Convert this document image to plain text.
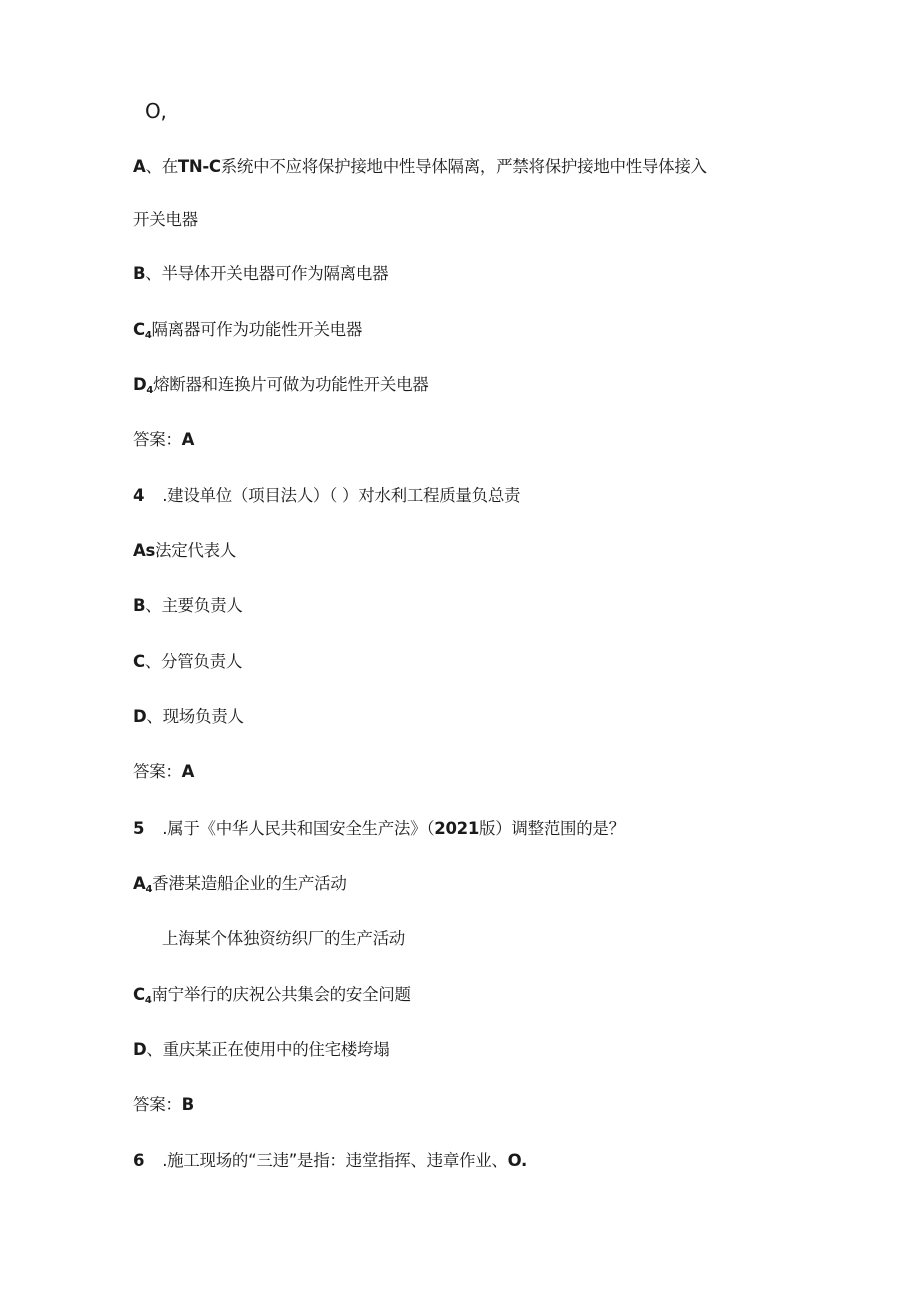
O,
A、在TN-C系统中不应将保护接地中性导体隔离，严禁将保护接地中性导体接入
开关电器
B、半导体开关电器可作为隔离电器
$C_4$隔离器可作为功能性开关电器
$D_4$熔断器和连换片可做为功能性开关电器
答案：A
4 .建设单位（项目法人）（ ）对水利工程质量负总责
As法定代表人
B、主要负责人
C、分管负责人
D、现场负责人
答案：A
5 .属于《中华人民共和国安全生产法》（2021版）调整范围的是？
$A_4$香港某造船企业的生产活动
上海某个体独资纺织厂的生产活动
$C_4$南宁举行的庆祝公共集会的安全问题
D、重庆某正在使用中的住宅楼垮塌
答案：B
6 .施工现场的“三违”是指：违堂指挥、违章作业、O.
